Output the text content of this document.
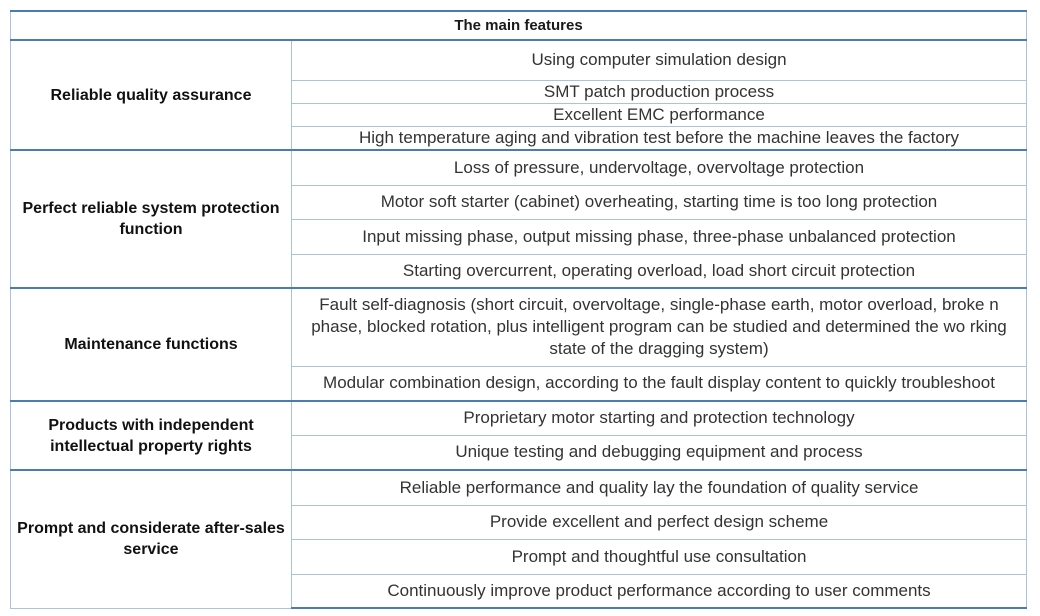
The main features	
Reliable quality assurance	Using computer simulation design
	SMT patch production process
	Excellent EMC performance
	High temperature aging and vibration test before the machine leaves the factory
Perfect reliable system protection function	Loss of pressure, undervoltage, overvoltage protection
	Motor soft starter (cabinet) overheating, starting time is too long protection
	Input missing phase, output missing phase, three-phase unbalanced protection
	Starting overcurrent, operating overload, load short circuit protection
Maintenance functions	Fault self-diagnosis (short circuit, overvoltage, single-phase earth, motor overload, broke n phase, blocked rotation, plus intelligent program can be studied and determined the wo rking state of the dragging system)
	Modular combination design, according to the fault display content to quickly troubleshoot
Products with independent intellectual property rights	Proprietary motor starting and protection technology
	Unique testing and debugging equipment and process
Prompt and considerate after-sales service	Reliable performance and quality lay the foundation of quality service
	Provide excellent and perfect design scheme
	Prompt and thoughtful use consultation
	Continuously improve product performance according to user comments
